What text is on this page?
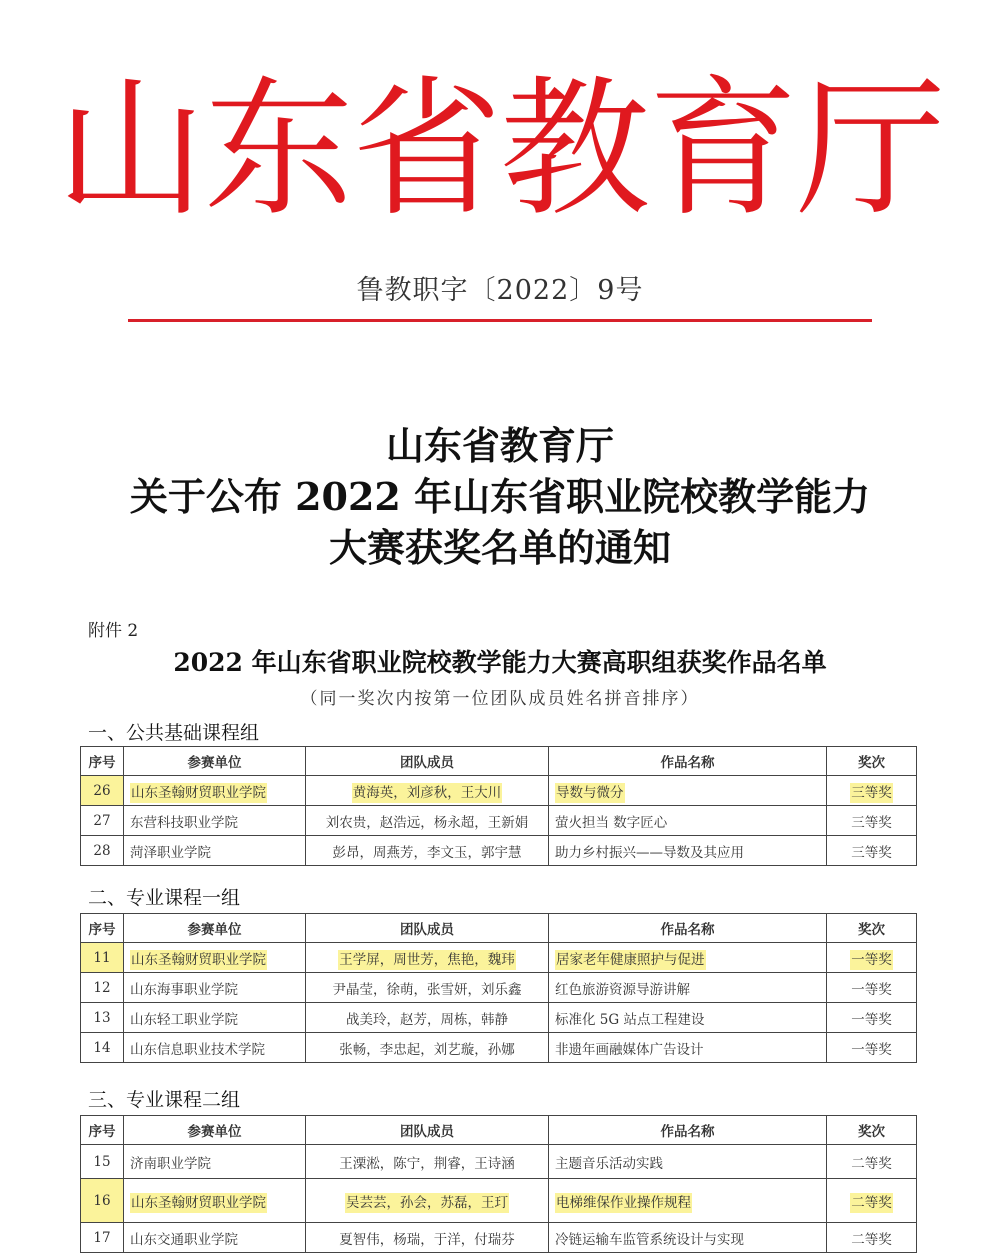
山东省教育厅
鲁教职字〔2022〕9号
山东省教育厅
关于公布 2022 年山东省职业院校教学能力
大赛获奖名单的通知
附件 2
2022 年山东省职业院校教学能力大赛高职组获奖作品名单
（同一奖次内按第一位团队成员姓名拼音排序）
一、公共基础课程组
序号	参赛单位	团队成员	作品名称	奖次
26	山东圣翰财贸职业学院	黄海英，刘彦秋，王大川	导数与微分	三等奖
27	东营科技职业学院	刘农贵，赵浩远，杨永超，王新娟	萤火担当 数字匠心	三等奖
28	菏泽职业学院	彭昂，周燕芳，李文玉，郭宇慧	助力乡村振兴——导数及其应用	三等奖
二、专业课程一组
序号	参赛单位	团队成员	作品名称	奖次
11	山东圣翰财贸职业学院	王学屏，周世芳，焦艳，魏玮	居家老年健康照护与促进	一等奖
12	山东海事职业学院	尹晶莹，徐萌，张雪妍，刘乐鑫	红色旅游资源导游讲解	一等奖
13	山东轻工职业学院	战美玲，赵芳，周栋，韩静	标准化 5G 站点工程建设	一等奖
14	山东信息职业技术学院	张畅，李忠起，刘艺璇，孙娜	非遗年画融媒体广告设计	一等奖
三、专业课程二组
序号	参赛单位	团队成员	作品名称	奖次
15	济南职业学院	王溧淞，陈宁，荆睿，王诗涵	主题音乐活动实践	二等奖
16	山东圣翰财贸职业学院	吴芸芸，孙会，苏磊，王玎	电梯维保作业操作规程	二等奖
17	山东交通职业学院	夏智伟，杨瑞，于洋，付瑞芬	冷链运输车监管系统设计与实现	二等奖
